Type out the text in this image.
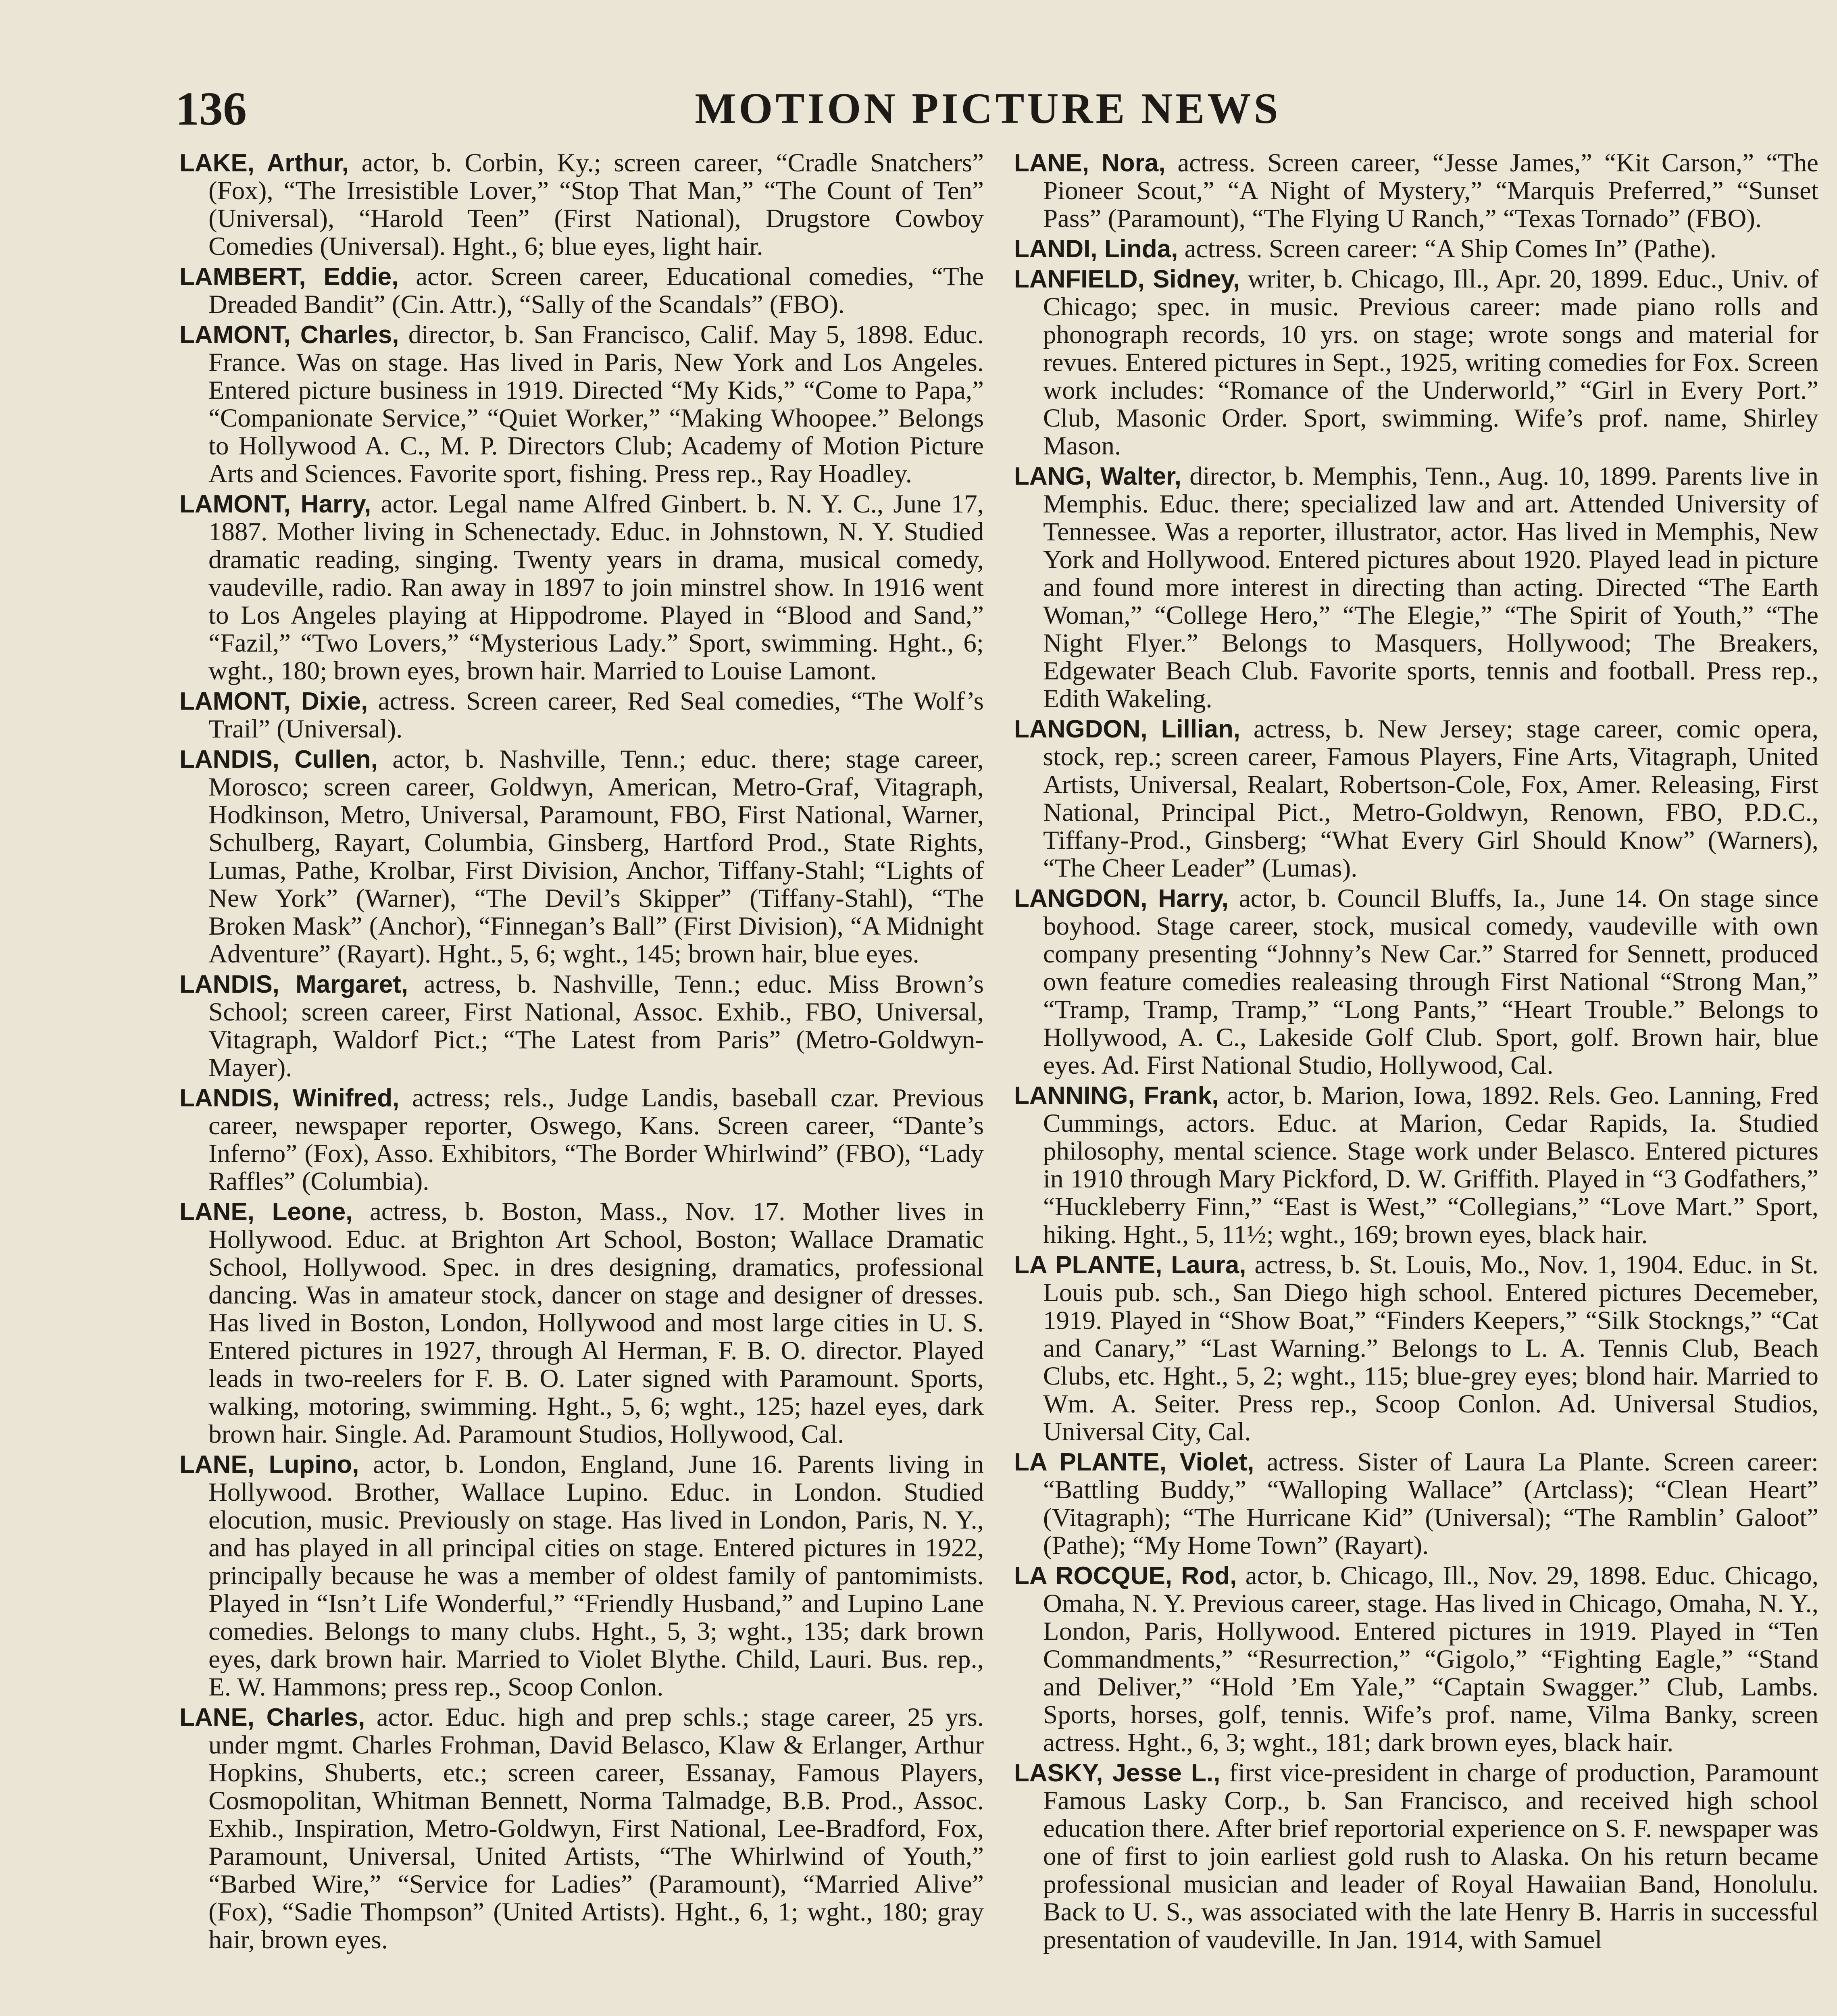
136	MOTION PICTURE NEWS

LAKE, Arthur, actor, b. Corbin, Ky.; screen career, “Cradle Snatchers” (Fox), “The Irresistible Lover,” “Stop That Man,” “The Count of Ten” (Universal), “Harold Teen” (First National), Drugstore Cowboy Comedies (Universal). Hght., 6; blue eyes, light hair.

LAMBERT, Eddie, actor. Screen career, Educational comedies, “The Dreaded Bandit” (Cin. Attr.), “Sally of the Scandals” (FBO).

LAMONT, Charles, director, b. San Francisco, Calif. May 5, 1898. Educ. France. Was on stage. Has lived in Paris, New York and Los Angeles. Entered picture business in 1919. Directed “My Kids,” “Come to Papa,” “Companionate Service,” “Quiet Worker,” “Making Whoopee.” Belongs to Hollywood A. C., M. P. Directors Club; Academy of Motion Picture Arts and Sciences. Favorite sport, fishing. Press rep., Ray Hoadley.

LAMONT, Harry, actor. Legal name Alfred Ginbert. b. N. Y. C., June 17, 1887. Mother living in Schenectady. Educ. in Johnstown, N. Y. Studied dramatic reading, singing. Twenty years in drama, musical comedy, vaudeville, radio. Ran away in 1897 to join minstrel show. In 1916 went to Los Angeles playing at Hippodrome. Played in “Blood and Sand,” “Fazil,” “Two Lovers,” “Mysterious Lady.” Sport, swimming. Hght., 6; wght., 180; brown eyes, brown hair. Married to Louise Lamont.

LAMONT, Dixie, actress. Screen career, Red Seal comedies, “The Wolf’s Trail” (Universal).

LANDIS, Cullen, actor, b. Nashville, Tenn.; educ. there; stage career, Morosco; screen career, Goldwyn, American, Metro-Graf, Vitagraph, Hodkinson, Metro, Universal, Paramount, FBO, First National, Warner, Schulberg, Rayart, Columbia, Ginsberg, Hartford Prod., State Rights, Lumas, Pathe, Krolbar, First Division, Anchor, Tiffany-Stahl; “Lights of New York” (Warner), “The Devil’s Skipper” (Tiffany-Stahl), “The Broken Mask” (Anchor), “Finnegan’s Ball” (First Division), “A Midnight Adventure” (Rayart). Hght., 5, 6; wght., 145; brown hair, blue eyes.

LANDIS, Margaret, actress, b. Nashville, Tenn.; educ. Miss Brown’s School; screen career, First National, Assoc. Exhib., FBO, Universal, Vitagraph, Waldorf Pict.; “The Latest from Paris” (Metro-Goldwyn-Mayer).

LANDIS, Winifred, actress; rels., Judge Landis, baseball czar. Previous career, newspaper reporter, Oswego, Kans. Screen career, “Dante’s Inferno” (Fox), Asso. Exhibitors, “The Border Whirlwind” (FBO), “Lady Raffles” (Columbia).

LANE, Leone, actress, b. Boston, Mass., Nov. 17. Mother lives in Hollywood. Educ. at Brighton Art School, Boston; Wallace Dramatic School, Hollywood. Spec. in dres designing, dramatics, professional dancing. Was in amateur stock, dancer on stage and designer of dresses. Has lived in Boston, London, Hollywood and most large cities in U. S. Entered pictures in 1927, through Al Herman, F. B. O. director. Played leads in two-reelers for F. B. O. Later signed with Paramount. Sports, walking, motoring, swimming. Hght., 5, 6; wght., 125; hazel eyes, dark brown hair. Single. Ad. Paramount Studios, Hollywood, Cal.

LANE, Lupino, actor, b. London, England, June 16. Parents living in Hollywood. Brother, Wallace Lupino. Educ. in London. Studied elocution, music. Previously on stage. Has lived in London, Paris, N. Y., and has played in all principal cities on stage. Entered pictures in 1922, principally because he was a member of oldest family of pantomimists. Played in “Isn’t Life Wonderful,” “Friendly Husband,” and Lupino Lane comedies. Belongs to many clubs. Hght., 5, 3; wght., 135; dark brown eyes, dark brown hair. Married to Violet Blythe. Child, Lauri. Bus. rep., E. W. Hammons; press rep., Scoop Conlon.

LANE, Charles, actor. Educ. high and prep schls.; stage career, 25 yrs. under mgmt. Charles Frohman, David Belasco, Klaw & Erlanger, Arthur Hopkins, Shuberts, etc.; screen career, Essanay, Famous Players, Cosmopolitan, Whitman Bennett, Norma Talmadge, B.B. Prod., Assoc. Exhib., Inspiration, Metro-Goldwyn, First National, Lee-Bradford, Fox, Paramount, Universal, United Artists, “The Whirlwind of Youth,” “Barbed Wire,” “Service for Ladies” (Paramount), “Married Alive” (Fox), “Sadie Thompson” (United Artists). Hght., 6, 1; wght., 180; gray hair, brown eyes.

LANE, Nora, actress. Screen career, “Jesse James,” “Kit Carson,” “The Pioneer Scout,” “A Night of Mystery,” “Marquis Preferred,” “Sunset Pass” (Paramount), “The Flying U Ranch,” “Texas Tornado” (FBO).

LANDI, Linda, actress. Screen career: “A Ship Comes In” (Pathe).

LANFIELD, Sidney, writer, b. Chicago, Ill., Apr. 20, 1899. Educ., Univ. of Chicago; spec. in music. Previous career: made piano rolls and phonograph records, 10 yrs. on stage; wrote songs and material for revues. Entered pictures in Sept., 1925, writing comedies for Fox. Screen work includes: “Romance of the Underworld,” “Girl in Every Port.” Club, Masonic Order. Sport, swimming. Wife’s prof. name, Shirley Mason.

LANG, Walter, director, b. Memphis, Tenn., Aug. 10, 1899. Parents live in Memphis. Educ. there; specialized law and art. Attended University of Tennessee. Was a reporter, illustrator, actor. Has lived in Memphis, New York and Hollywood. Entered pictures about 1920. Played lead in picture and found more interest in directing than acting. Directed “The Earth Woman,” “College Hero,” “The Elegie,” “The Spirit of Youth,” “The Night Flyer.” Belongs to Masquers, Hollywood; The Breakers, Edgewater Beach Club. Favorite sports, tennis and football. Press rep., Edith Wakeling.

LANGDON, Lillian, actress, b. New Jersey; stage career, comic opera, stock, rep.; screen career, Famous Players, Fine Arts, Vitagraph, United Artists, Universal, Realart, Robertson-Cole, Fox, Amer. Releasing, First National, Principal Pict., Metro-Goldwyn, Renown, FBO, P.D.C., Tiffany-Prod., Ginsberg; “What Every Girl Should Know” (Warners), “The Cheer Leader” (Lumas).

LANGDON, Harry, actor, b. Council Bluffs, Ia., June 14. On stage since boyhood. Stage career, stock, musical comedy, vaudeville with own company presenting “Johnny’s New Car.” Starred for Sennett, produced own feature comedies realeasing through First National “Strong Man,” “Tramp, Tramp, Tramp,” “Long Pants,” “Heart Trouble.” Belongs to Hollywood, A. C., Lakeside Golf Club. Sport, golf. Brown hair, blue eyes. Ad. First National Studio, Hollywood, Cal.

LANNING, Frank, actor, b. Marion, Iowa, 1892. Rels. Geo. Lanning, Fred Cummings, actors. Educ. at Marion, Cedar Rapids, Ia. Studied philosophy, mental science. Stage work under Belasco. Entered pictures in 1910 through Mary Pickford, D. W. Griffith. Played in “3 Godfathers,” “Huckleberry Finn,” “East is West,” “Collegians,” “Love Mart.” Sport, hiking. Hght., 5, 11½; wght., 169; brown eyes, black hair.

LA PLANTE, Laura, actress, b. St. Louis, Mo., Nov. 1, 1904. Educ. in St. Louis pub. sch., San Diego high school. Entered pictures Decemeber, 1919. Played in “Show Boat,” “Finders Keepers,” “Silk Stockngs,” “Cat and Canary,” “Last Warning.” Belongs to L. A. Tennis Club, Beach Clubs, etc. Hght., 5, 2; wght., 115; blue-grey eyes; blond hair. Married to Wm. A. Seiter. Press rep., Scoop Conlon. Ad. Universal Studios, Universal City, Cal.

LA PLANTE, Violet, actress. Sister of Laura La Plante. Screen career: “Battling Buddy,” “Walloping Wallace” (Artclass); “Clean Heart” (Vitagraph); “The Hurricane Kid” (Universal); “The Ramblin’ Galoot” (Pathe); “My Home Town” (Rayart).

LA ROCQUE, Rod, actor, b. Chicago, Ill., Nov. 29, 1898. Educ. Chicago, Omaha, N. Y. Previous career, stage. Has lived in Chicago, Omaha, N. Y., London, Paris, Hollywood. Entered pictures in 1919. Played in “Ten Commandments,” “Resurrection,” “Gigolo,” “Fighting Eagle,” “Stand and Deliver,” “Hold ’Em Yale,” “Captain Swagger.” Club, Lambs. Sports, horses, golf, tennis. Wife’s prof. name, Vilma Banky, screen actress. Hght., 6, 3; wght., 181; dark brown eyes, black hair.

LASKY, Jesse L., first vice-president in charge of production, Paramount Famous Lasky Corp., b. San Francisco, and received high school education there. After brief reportorial experience on S. F. newspaper was one of first to join earliest gold rush to Alaska. On his return became professional musician and leader of Royal Hawaiian Band, Honolulu. Back to U. S., was associated with the late Henry B. Harris in successful presentation of vaudeville. In Jan. 1914, with Samuel
